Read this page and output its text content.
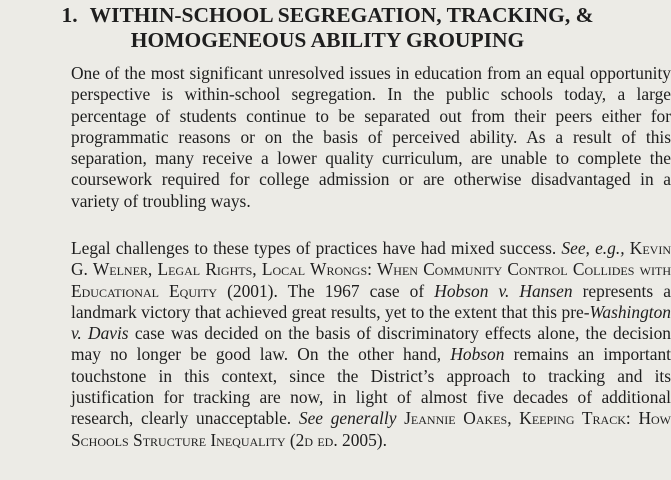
1. WITHIN-SCHOOL SEGREGATION, TRACKING, &
HOMOGENEOUS ABILITY GROUPING

One of the most significant unresolved issues in education from an equal opportunity perspective is within-school segregation. In the public schools today, a large percentage of students continue to be separated out from their peers either for programmatic reasons or on the basis of perceived ability. As a result of this separation, many receive a lower quality curriculum, are unable to complete the coursework required for college admission or are otherwise disadvantaged in a variety of troubling ways.

Legal challenges to these types of practices have had mixed success. See, e.g., Kevin G. Welner, Legal Rights, Local Wrongs: When Community Control Collides with Educational Equity (2001). The 1967 case of Hobson v. Hansen represents a landmark victory that achieved great results, yet to the extent that this pre-Washington v. Davis case was decided on the basis of discriminatory effects alone, the decision may no longer be good law. On the other hand, Hobson remains an important touchstone in this context, since the District’s approach to tracking and its justification for tracking are now, in light of almost five decades of additional research, clearly unacceptable. See generally Jeannie Oakes, Keeping Track: How Schools Structure Inequality (2d ed. 2005).
